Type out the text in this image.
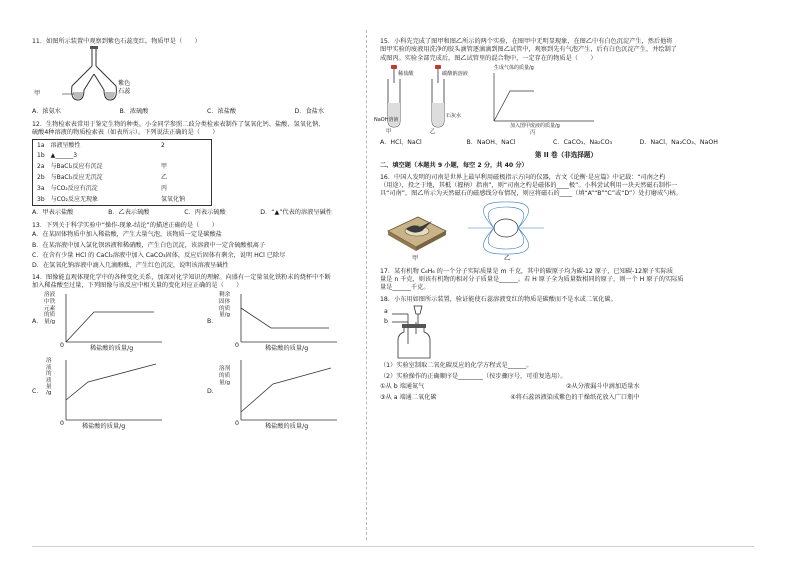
11．如图所示装置中观察到紫色石蕊变红。物质甲是（　　）
甲
紫色
石蕊
A．浓氨水	B．浓硫酸	C．浓盐酸	D．食盐水
12．生物检索表常用于鉴定生物的种类。小金同学参照二歧分类检索表制作了氢氧化钙、盐酸、氢氧化钠、
硫酸4种溶液的物质检索表（如表所示）。下列说法正确的是（　　）
1a　溶液呈酸性	2
1b　▲______3	
2a　与BaCl₂反应有沉淀	甲
2b　与BaCl₂反应无沉淀	乙
3a　与CO₂反应有沉淀	丙
3b　与CO₂反应无现象	氢氧化钠
A．甲表示盐酸	B．乙表示硫酸	C．丙表示硫酸	D．“▲”代表的溶液呈碱性
13．下列关于科学实验中“操作-现象-结论”的描述正确的是（　　）
A．在某固体物质中加入稀盐酸，产生大量气泡，该物质一定是碳酸盐
B．在某溶液中加入氯化钡溶液和稀硝酸，产生白色沉淀，该溶液中一定含硫酸根离子
C．在含有少量 HCl 的 CaCl₂溶液中加入 CaCO₃固体，反应后固体有剩余，说明 HCl 已除尽
D．在氢氧化钠溶液中滴入几滴酚酞，产生红色沉淀，说明该溶液呈碱性
14．图像能直观体现化学中的各种变化关系，加深对化学知识的理解。向盛有一定量氧化铁粉末的烧杯中不断
加入稀盐酸至过量，下列图像与该反应中相关量的变化对应正确的是（　　）
A．
溶液
中铁
元素
的质
量/g
0	稀盐酸的质量/g
B．
剩余
固体
的质
量/g
0	稀盐酸的质量/g
C．
溶
液
的
质
量
/g
0	稀盐酸的质量/g
D．
溶剂
的质
量/g
0	稀盐酸的质量/g
15．小科先完成了图甲和图乙所示的两个实验，在图甲中无明显现象，在图乙中有白色沉淀产生，然后他将
图甲实验的废液用洗净的胶头滴管逐滴滴到图乙试管中，观察到先有气泡产生，后有白色沉淀产生，并绘制了
成图丙。实验全部完成后，图乙试管里的混合物中，一定存在的物质是（　　）
稀盐酸
NaOH溶液
甲
碳酸钠溶液
石灰水
乙
生成气体的质量/g
加入图甲废液的质量/g
丙
A．HCl、NaCl	B．NaOH、NaCl	C．CaCO₃、Na₂CO₃	D．NaCl、Na₂CO₃、NaOH
第 II 卷（非选择题）
二、填空题（本题共 9 小题，每空 2 分，共 40 分）
16．中国人发明的司南是世界上最早利用磁极指示方向的仪器，古文《论衡·是应篇》中记载：“司南之杓
（用途），投之于地，其柢（握柄）指南”，则“司南之杓是磁体的____极”。小科尝试利用一块天然磁石制作一
具“司南”，图乙所示为天然磁石的磁感线分布情况，则应将磁石的____（填“A”“B”“C”或“D”）处打磨成勺柄。
甲	乙
17．某有机物 C₆H₆ 的一个分子实际质量是 m 千克，其中的碳原子均为碳-12 原子，已知碳-12原子实际质
量是 n 千克，则该有机物的相对分子质量是______。若 H 原子全为质量数相同的原子，则一个 H 原子的实际质
量是______千克。
18．小东用如图所示装置，验证能使石蕊溶液变红的物质是碳酸而不是水或二氧化碳。
a
b
（1）实验室制取二氧化碳反应的化学方程式是______。
（2）实验操作的正确顺序是________（按步骤序号，可重复选用）。
①从 b 端通氮气	②从分液漏斗中滴加适量水
③从 a 端通二氧化碳	④将石蕊溶液染成紫色的干燥纸花放入广口瓶中
